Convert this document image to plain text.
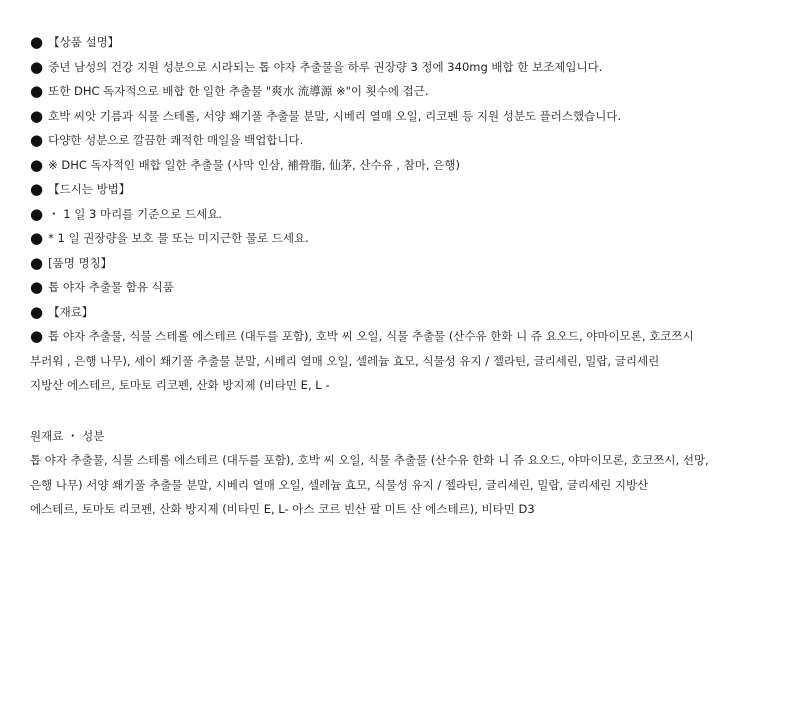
● 【상품 설명】
● 중년 남성의 건강 지원 성분으로 시라되는 톱 야자 추출물을 하루 권장량 3 정에 340mg 배합 한 보조제입니다.
● 또한 DHC 독자적으로 배합 한 일한 추출물 "爽水 流導源 ※"이 횟수에 접근.
● 호박 씨앗 기름과 식물 스테롤, 서양 쐐기풀 추출물 분말, 시베리 열매 오일, 리코펜 등 지원 성분도 플러스했습니다.
● 다양한 성분으로 깔끔한 쾌적한 매일을 백업합니다.
● ※ DHC 독자적인 배합 일한 추출물 (사막 인삼, 補骨脂, 仙茅, 산수유 , 참마, 은행)
● 【드시는 방법】
● ・ 1 일 3 마리를 기준으로 드세요.
● * 1 일 권장량을 보호 물 또는 미지근한 물로 드세요.
● [품명 명칭】
● 톱 야자 추출물 함유 식품
● 【재료】
● 톱 야자 추출물, 식물 스테롤 에스테르 (대두를 포함), 호박 씨 오일, 식물 추출물 (산수유 한화 니 쥬 요오드, 야마이모론, 호코쯔시
부러워 , 은행 나무), 세이 쐐기풀 추출물 분말, 시베리 열매 오일, 셀레늄 효모, 식물성 유지 / 젤라틴, 글리세린, 밀랍, 글리세린
지방산 에스테르, 토마토 리코펜, 산화 방지제 (비타민 E, L -
원재료 ・ 성분
톱 야자 추출물, 식물 스테롤 에스테르 (대두를 포함), 호박 씨 오일, 식물 추출물 (산수유 한화 니 쥬 요오드, 야마이모론, 호코쯔시, 선망,
은행 나무) 서양 쐐기풀 추출물 분말, 시베리 열매 오일, 셀레늄 효모, 식물성 유지 / 젤라틴, 글리세린, 밀랍, 글리세린 지방산
에스테르, 토마토 리코펜, 산화 방지제 (비타민 E, L- 아스 코르 빈산 팔 미트 산 에스테르), 비타민 D3
